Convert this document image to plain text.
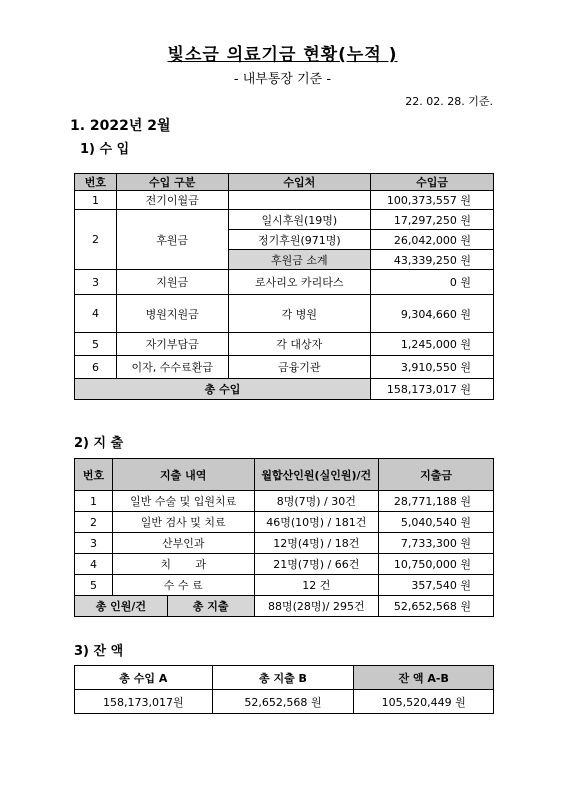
빛소금 의료기금 현황(누적 )
- 내부통장 기준 -
22. 02. 28. 기준.
1. 2022년 2월
1) 수 입
번호	수입 구분	수입처	수입금
1	전기이월금		100,373,557 원
2	후원금	일시후원(19명)	17,297,250 원
		정기후원(971명)	26,042,000 원
		후원금 소계	43,339,250 원
3	지원금	로사리오 카리타스	0 원
4	병원지원금	각 병원	9,304,660 원
5	자기부담금	각 대상자	1,245,000 원
6	이자, 수수료환급	금융기관	3,910,550 원
총 수입			158,173,017 원
2) 지 출
번호	지출 내역		월합산인원(실인원)/건	지출금
1	일반 수술 및 입원치료		8명(7명) / 30건	28,771,188 원
2	일반 검사 및 치료		46명(10명) / 181건	5,040,540 원
3	산부인과		12명(4명) / 18건	7,733,300 원
4	치       과		21명(7명) / 66건	10,750,000 원
5	수 수 료		12 건	357,540 원
총 인원/건		총 지출	88명(28명)/ 295건	52,652,568 원
3) 잔 액
총 수입 A	총 지출 B	잔 액 A-B
158,173,017원	52,652,568 원	105,520,449 원
